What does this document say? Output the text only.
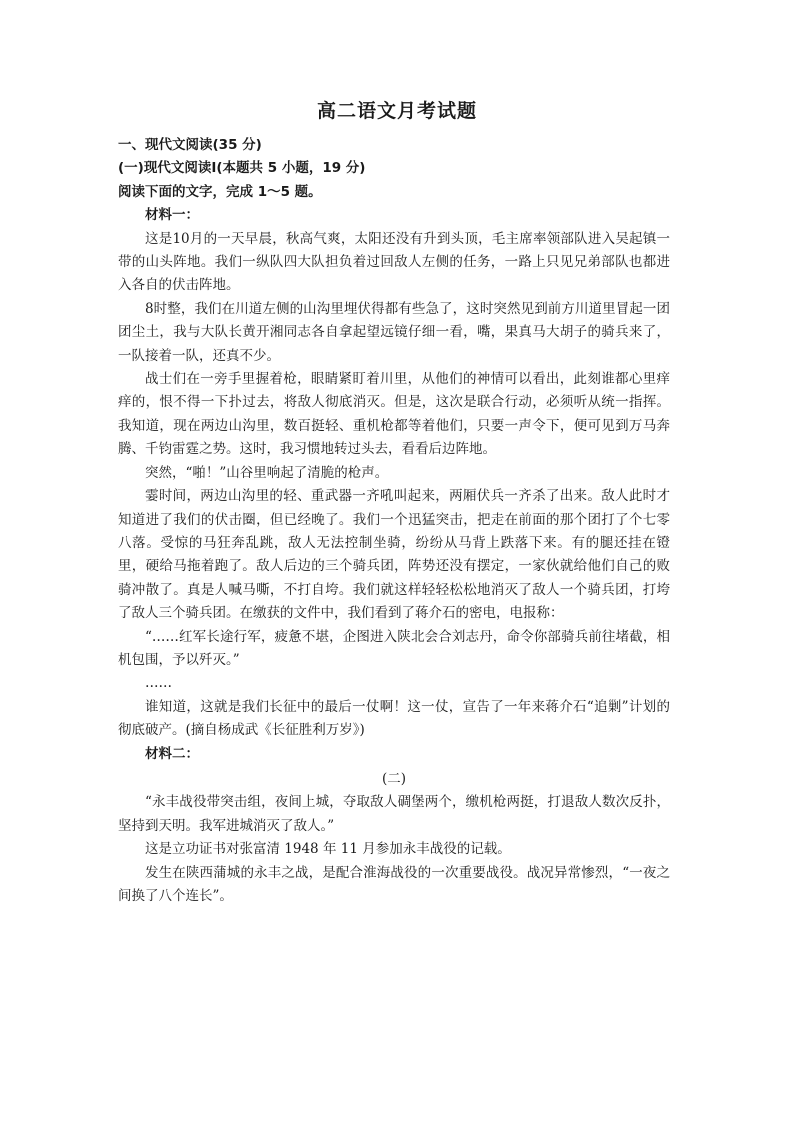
高二语文月考试题

一、现代文阅读(35 分)

(一)现代文阅读Ⅰ(本题共 5 小题，19 分)

阅读下面的文字，完成 1～5 题。

材料一：

这是10月的一天早晨，秋高气爽，太阳还没有升到头顶，毛主席率领部队进入吴起镇一带的山头阵地。我们一纵队四大队担负着过回敌人左侧的任务，一路上只见兄弟部队也都进入各自的伏击阵地。

8时整，我们在川道左侧的山沟里埋伏得都有些急了，这时突然见到前方川道里冒起一团团尘土，我与大队长黄开湘同志各自拿起望远镜仔细一看，嘴，果真马大胡子的骑兵来了，一队接着一队，还真不少。

战士们在一旁手里握着枪，眼睛紧盯着川里，从他们的神情可以看出，此刻谁都心里痒痒的，恨不得一下扑过去，将敌人彻底消灭。但是，这次是联合行动，必须听从统一指挥。我知道，现在两边山沟里，数百挺轻、重机枪都等着他们，只要一声令下，便可见到万马奔腾、千钧雷霆之势。这时，我习惯地转过头去，看看后边阵地。

突然，“啪！”山谷里响起了清脆的枪声。

霎时间，两边山沟里的轻、重武器一齐吼叫起来，两厢伏兵一齐杀了出来。敌人此时才知道进了我们的伏击圈，但已经晚了。我们一个迅猛突击，把走在前面的那个团打了个七零八落。受惊的马狂奔乱跳，敌人无法控制坐骑，纷纷从马背上跌落下来。有的腿还挂在镫里，硬给马拖着跑了。敌人后边的三个骑兵团，阵势还没有摆定，一家伙就给他们自己的败骑冲散了。真是人喊马嘶，不打自垮。我们就这样轻轻松松地消灭了敌人一个骑兵团，打垮了敌人三个骑兵团。在缴获的文件中，我们看到了蒋介石的密电，电报称：

“……红军长途行军，疲惫不堪，企图进入陕北会合刘志丹，命令你部骑兵前往堵截，相机包围，予以歼灭。”

……

谁知道，这就是我们长征中的最后一仗啊！这一仗，宣告了一年来蒋介石“追剿”计划的彻底破产。(摘自杨成武《长征胜利万岁》)

材料二：

(二)

“永丰战役带突击组，夜间上城，夺取敌人碉堡两个，缴机枪两挺，打退敌人数次反扑，坚持到天明。我军进城消灭了敌人。”

这是立功证书对张富清 1948 年 11 月参加永丰战役的记载。

发生在陕西蒲城的永丰之战，是配合淮海战役的一次重要战役。战况异常惨烈，“一夜之间换了八个连长”。
